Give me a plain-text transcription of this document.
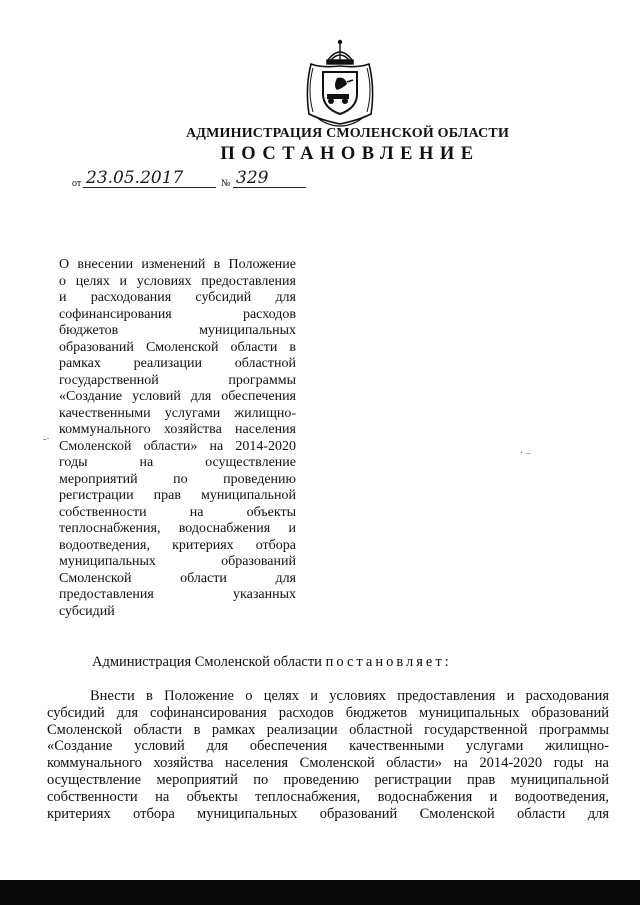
АДМИНИСТРАЦИЯ СМОЛЕНСКОЙ ОБЛАСТИ
ПОСТАНОВЛЕНИЕ
от 23.05.2017	№ 329
О внесении изменений в Положение
о целях и условиях предоставления
и расходования субсидий для
софинансирования расходов
бюджетов муниципальных
образований Смоленской области в
рамках реализации областной
государственной программы
«Создание условий для обеспечения
качественными услугами жилищно-
коммунального хозяйства населения
Смоленской области» на 2014-2020
годы на осуществление
мероприятий по проведению
регистрации прав муниципальной
собственности на объекты
теплоснабжения, водоснабжения и
водоотведения, критериях отбора
муниципальных образований
Смоленской области для
предоставления указанных
субсидий
-·
· –
Администрация Смоленской области постановляет:
Внести в Положение о целях и условиях предоставления и расходования
субсидий для софинансирования расходов бюджетов муниципальных образований
Смоленской области в рамках реализации областной государственной программы
«Создание условий для обеспечения качественными услугами жилищно-
коммунального хозяйства населения Смоленской области» на 2014-2020 годы на
осуществление мероприятий по проведению регистрации прав муниципальной
собственности на объекты теплоснабжения, водоснабжения и водоотведения,
критериях отбора муниципальных образований Смоленской области для
